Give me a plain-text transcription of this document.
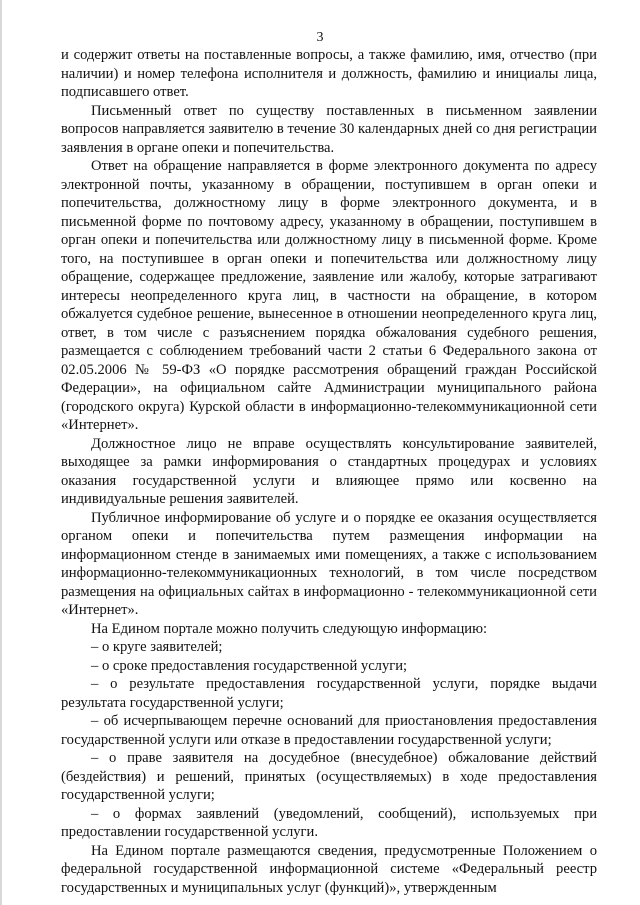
3

и содержит ответы на поставленные вопросы, а также фамилию, имя, отчество (при наличии) и номер телефона исполнителя и должность, фамилию и инициалы лица, подписавшего ответ.

Письменный ответ по существу поставленных в письменном заявлении вопросов направляется заявителю в течение 30 календарных дней со дня регистрации заявления в органе опеки и попечительства.

Ответ на обращение направляется в форме электронного документа по адресу электронной почты, указанному в обращении, поступившем в орган опеки и попечительства, должностному лицу в форме электронного документа, и в письменной форме по почтовому адресу, указанному в обращении, поступившем в орган опеки и попечительства или должностному лицу в письменной форме. Кроме того, на поступившее в орган опеки и попечительства или должностному лицу обращение, содержащее предложение, заявление или жалобу, которые затрагивают интересы неопределенного круга лиц, в частности на обращение, в котором обжалуется судебное решение, вынесенное в отношении неопределенного круга лиц, ответ, в том числе с разъяснением порядка обжалования судебного решения, размещается с соблюдением требований части 2 статьи 6 Федерального закона от 02.05.2006 № 59-ФЗ «О порядке рассмотрения обращений граждан Российской Федерации», на официальном сайте Администрации муниципального района (городского округа) Курской области в информационно-телекоммуникационной сети «Интернет».

Должностное лицо не вправе осуществлять консультирование заявителей, выходящее за рамки информирования о стандартных процедурах и условиях оказания государственной услуги и влияющее прямо или косвенно на индивидуальные решения заявителей.

Публичное информирование об услуге и о порядке ее оказания осуществляется органом опеки и попечительства путем размещения информации на информационном стенде в занимаемых ими помещениях, а также с использованием информационно-телекоммуникационных технологий, в том числе посредством размещения на официальных сайтах в информационно - телекоммуникационной сети «Интернет».

На Едином портале можно получить следующую информацию:

– о круге заявителей;

– о сроке предоставления государственной услуги;

– о результате предоставления государственной услуги, порядке выдачи результата государственной услуги;

– об исчерпывающем перечне оснований для приостановления предоставления государственной услуги или отказе в предоставлении государственной услуги;

– о праве заявителя на досудебное (внесудебное) обжалование действий (бездействия) и решений, принятых (осуществляемых) в ходе предоставления государственной услуги;

– о формах заявлений (уведомлений, сообщений), используемых при предоставлении государственной услуги.

На Едином портале размещаются сведения, предусмотренные Положением о федеральной государственной информационной системе «Федеральный реестр государственных и муниципальных услуг (функций)», утвержденным
